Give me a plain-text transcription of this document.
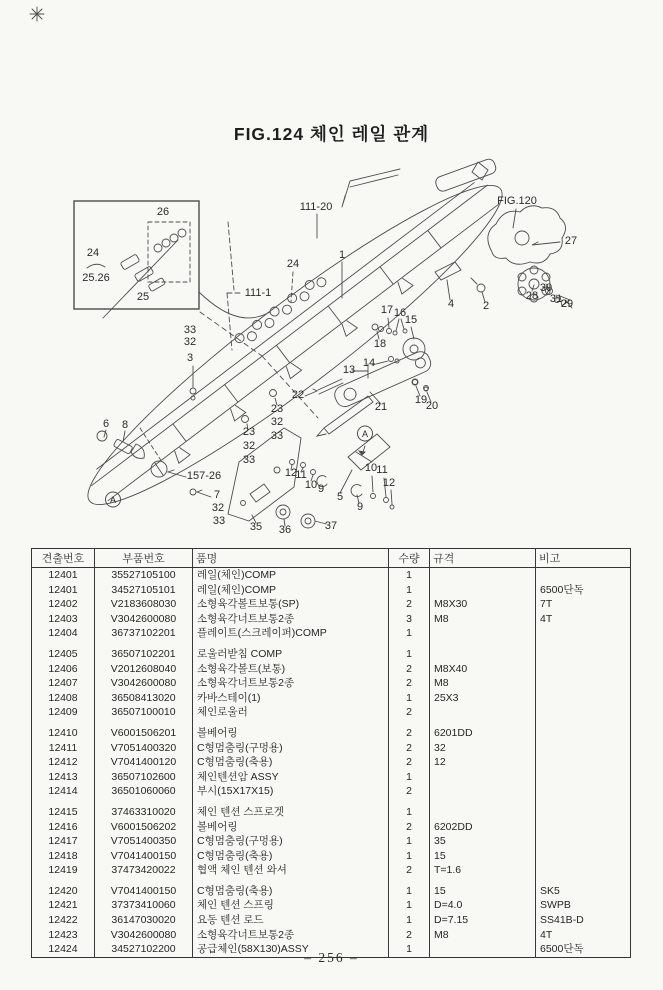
FIG.124 체인 레일 관계
111-20	FIG.120
27
28
30
31
29
1
24
111-1
26
24
25.26
25
2
4
17 16
15
18
14
13
21
19
20
33
32
3
6 8
157-26
7
32
33
22
23
32
33
23
32
33
12
11
10 9
5
9
10 11
12
35 36	37
A
A
견출번호	부품번호	품명	수량	규격	비고
12401	35527105100	레일(체인)COMP	1		
12401	34527105101	레일(체인)COMP	1		6500단독
12402	V2183608030	소형육각볼트보통(SP)	2	M8X30	7T
12403	V3042600080	소형육각너트보통2종	3	M8	4T
12404	36737102201	플레이트(스크레이퍼)COMP	1		

12405	36507102201	로울러받침 COMP	1		
12406	V2012608040	소형육각볼트(보통)	2	M8X40	
12407	V3042600080	소형육각너트보통2종	2	M8	
12408	36508413020	카바스테이(1)	1	25X3	
12409	36507100010	체인로울러	2		

12410	V6001506201	볼베어링	2	6201DD	
12411	V7051400320	C형멈춤링(구멍용)	2	32	
12412	V7041400120	C형멈춤링(축용)	2	12	
12413	36507102600	체인텐션암 ASSY	1		
12414	36501060060	부시(15X17X15)	2		

12415	37463310020	체인 텐션 스프로겟	1		
12416	V6001506202	볼베어링	2	6202DD	
12417	V7051400350	C형멈춤링(구멍용)	1	35	
12418	V7041400150	C형멈춤링(축용)	1	15	
12419	37473420022	협액 체인 텐션 와셔	2	T=1.6	

12420	V7041400150	C형멈춤링(축용)	1	15	SK5
12421	37373410060	체인 텐션 스프링	1	D=4.0	SWPB
12422	36147030020	요동 텐션 로드	1	D=7.15	SS41B-D
12423	V3042600080	소형육각너트보통2종	2	M8	4T
12424	34527102200	공급체인(58X130)ASSY	1		6500단독
– 256 –
